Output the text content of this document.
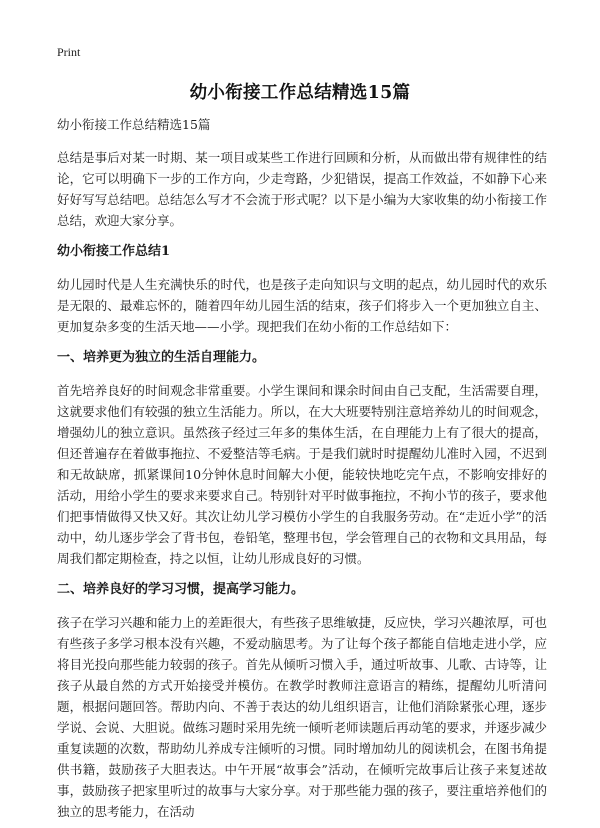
Print
幼小衔接工作总结精选15篇

幼小衔接工作总结精选15篇

总结是事后对某一时期、某一项目或某些工作进行回顾和分析，从而做出带有规律性的结论，它可以明确下一步的工作方向，少走弯路，少犯错误，提高工作效益，不如静下心来好好写写总结吧。总结怎么写才不会流于形式呢？以下是小编为大家收集的幼小衔接工作总结，欢迎大家分享。

幼小衔接工作总结1

幼儿园时代是人生充满快乐的时代，也是孩子走向知识与文明的起点，幼儿园时代的欢乐是无限的、最难忘怀的，随着四年幼儿园生活的结束，孩子们将步入一个更加独立自主、更加复杂多变的生活天地——小学。现把我们在幼小衔的工作总结如下：

一、培养更为独立的生活自理能力。

首先培养良好的时间观念非常重要。小学生课间和课余时间由自己支配，生活需要自理，这就要求他们有较强的独立生活能力。所以，在大大班要特别注意培养幼儿的时间观念，增强幼儿的独立意识。虽然孩子经过三年多的集体生活，在自理能力上有了很大的提高，但还普遍存在着做事拖拉、不爱整洁等毛病。于是我们就时时提醒幼儿准时入园，不迟到和无故缺席，抓紧课间10分钟休息时间解大小便，能较快地吃完午点，不影响安排好的活动，用给小学生的要求来要求自己。特别针对平时做事拖拉，不拘小节的孩子，要求他们把事情做得又快又好。其次让幼儿学习模仿小学生的自我服务劳动。在“走近小学”的活动中，幼儿逐步学会了背书包，卷铅笔，整理书包，学会管理自己的衣物和文具用品，每周我们都定期检查，持之以恒，让幼儿形成良好的习惯。

二、培养良好的学习习惯，提高学习能力。

孩子在学习兴趣和能力上的差距很大，有些孩子思维敏捷，反应快，学习兴趣浓厚，可也有些孩子多学习根本没有兴趣，不爱动脑思考。为了让每个孩子都能自信地走进小学，应将目光投向那些能力较弱的孩子。首先从倾听习惯入手，通过听故事、儿歌、古诗等，让孩子从最自然的方式开始接受并模仿。在教学时教师注意语言的精练，提醒幼儿听清问题，根据问题回答。帮助内向、不善于表达的幼儿组织语言，让他们消除紧张心理，逐步学说、会说、大胆说。做练习题时采用先统一倾听老师读题后再动笔的要求，并逐步减少重复读题的次数，帮助幼儿养成专注倾听的习惯。同时增加幼儿的阅读机会，在图书角提供书籍，鼓励孩子大胆表达。中午开展“故事会”活动，在倾听完故事后让孩子来复述故事，鼓励孩子把家里听过的故事与大家分享。对于那些能力强的孩子，要注重培养他们的独立的思考能力，在活动
